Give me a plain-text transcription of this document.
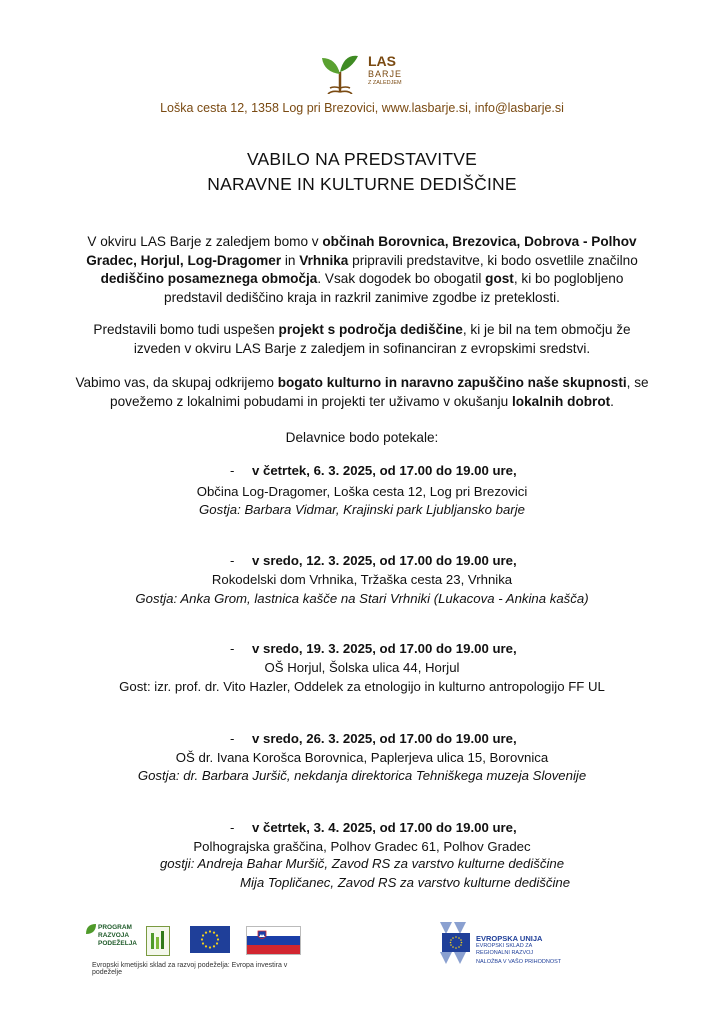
LAS
BARJE
Z ZALEDJEM
Loška cesta 12, 1358 Log pri Brezovici, www.lasbarje.si, info@lasbarje.si
VABILO NA PREDSTAVITVE
NARAVNE IN KULTURNE DEDIŠČINE
V okviru LAS Barje z zaledjem bomo v občinah Borovnica, Brezovica, Dobrova - Polhov
Gradec, Horjul, Log-Dragomer in Vrhnika pripravili predstavitve, ki bodo osvetlile značilno
dediščino posameznega območja. Vsak dogodek bo obogatil gost, ki bo poglobljeno
predstavil dediščino kraja in razkril zanimive zgodbe iz preteklosti.
Predstavili bomo tudi uspešen projekt s področja dediščine, ki je bil na tem območju že
izveden v okviru LAS Barje z zaledjem in sofinanciran z evropskimi sredstvi.
Vabimo vas, da skupaj odkrijemo bogato kulturno in naravno zapuščino naše skupnosti, se
povežemo z lokalnimi pobudami in projekti ter uživamo v okušanju lokalnih dobrot.
Delavnice bodo potekale:
- v četrtek, 6. 3. 2025, od 17.00 do 19.00 ure,
Občina Log-Dragomer, Loška cesta 12, Log pri Brezovici
Gostja: Barbara Vidmar, Krajinski park Ljubljansko barje
- v sredo, 12. 3. 2025, od 17.00 do 19.00 ure,
Rokodelski dom Vrhnika, Tržaška cesta 23, Vrhnika
Gostja: Anka Grom, lastnica kašče na Stari Vrhniki (Lukacova - Ankina kašča)
- v sredo, 19. 3. 2025, od 17.00 do 19.00 ure,
OŠ Horjul, Šolska ulica 44, Horjul
Gost: izr. prof. dr. Vito Hazler, Oddelek za etnologijo in kulturno antropologijo FF UL
- v sredo, 26. 3. 2025, od 17.00 do 19.00 ure,
OŠ dr. Ivana Korošca Borovnica, Paplerjeva ulica 15, Borovnica
Gostja: dr. Barbara Juršič, nekdanja direktorica Tehniškega muzeja Slovenije
- v četrtek, 3. 4. 2025, od 17.00 do 19.00 ure,
Polhograjska graščina, Polhov Gradec 61, Polhov Gradec
gostji: Andreja Bahar Muršič, Zavod RS za varstvo kulturne dediščine
Mija Topličanec, Zavod RS za varstvo kulturne dediščine
PROGRAM
RAZVOJA
PODEŽELJA
Evropski kmetijski sklad za razvoj podeželja: Evropa investira v podeželje
EVROPSKA UNIJA
EVROPSKI SKLAD ZA
REGIONALNI RAZVOJ
NALOŽBA V VAŠO PRIHODNOST
